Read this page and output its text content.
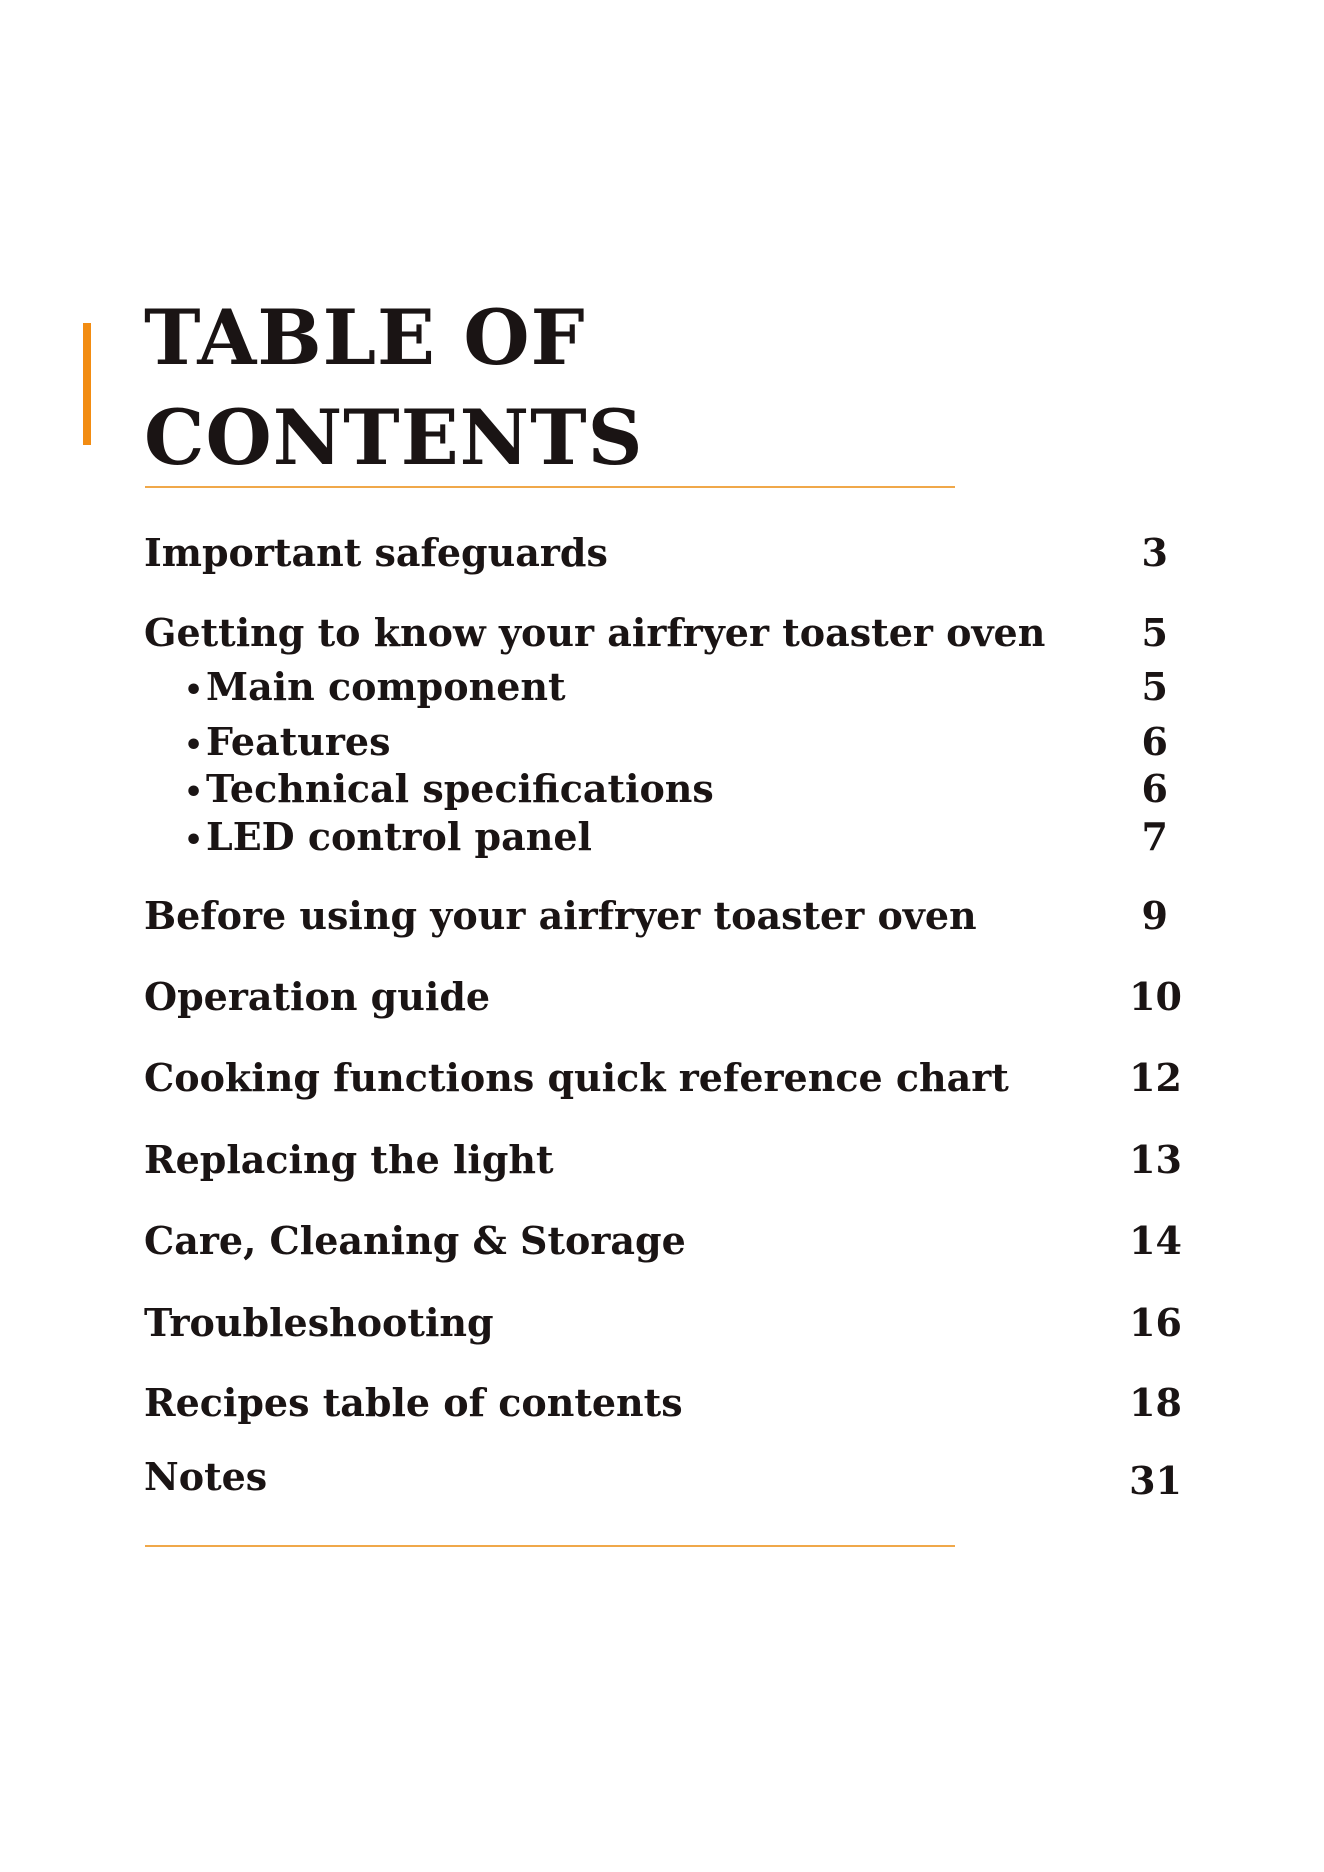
TABLE OF
CONTENTS
Important safeguards	3
Getting to know your airfryer toaster oven	5
•Main component	5
•Features	6
•Technical specifications	6
•LED control panel	7
Before using your airfryer toaster oven	9
Operation guide	10
Cooking functions quick reference chart	12
Replacing the light	13
Care, Cleaning & Storage	14
Troubleshooting	16
Recipes table of contents	18
Notes	31
